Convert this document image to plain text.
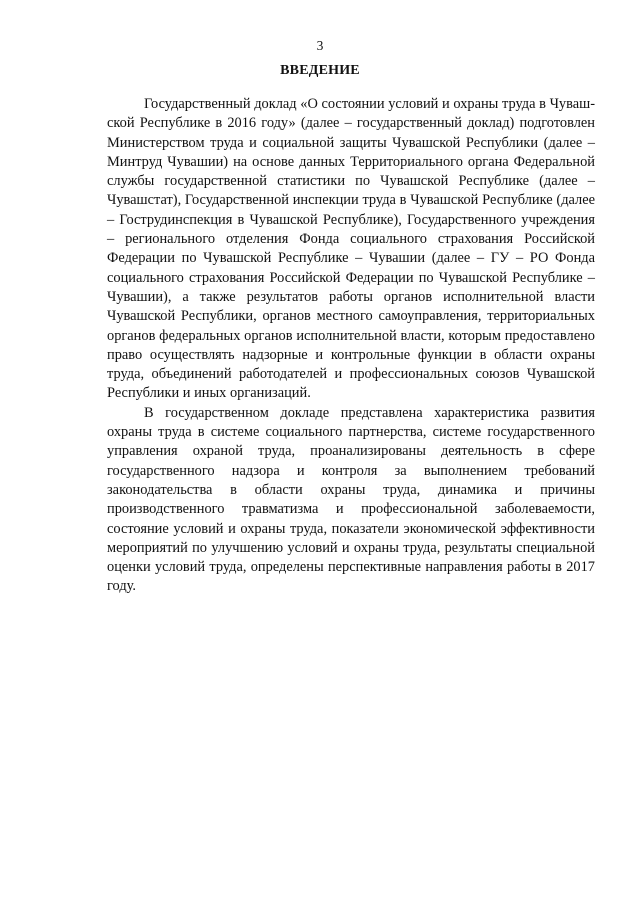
3
ВВЕДЕНИЕ

Государственный доклад «О состоянии условий и охраны труда в Чувашской Республике в 2016 году» (далее – государственный доклад) подготовлен Министерством труда и социальной защиты Чувашской Республики (далее – Минтруд Чувашии) на основе данных Территориального органа Федеральной службы государственной статистики по Чувашской Республике (далее – Чувашстат), Государственной инспекции труда в Чувашской Республике (далее – Гострудинспекция в Чувашской Республике), Государственного учреждения – регионального отделения Фонда социального страхования Российской Федерации по Чувашской Республике – Чувашии (далее – ГУ – РО Фонда социального страхования Российской Федерации по Чувашской Республике – Чувашии), а также результатов работы органов исполнительной власти Чувашской Республики, органов местного самоуправления, территориальных органов федеральных органов исполнительной власти, которым предоставлено право осуществлять надзорные и контрольные функции в области охраны труда, объединений работодателей и профессиональных союзов Чувашской Республики и иных организаций.

В государственном докладе представлена характеристика развития охраны труда в системе социального партнерства, системе государственного управления охраной труда, проанализированы деятельность в сфере государственного надзора и контроля за выполнением требований законодательства в области охраны труда, динамика и причины производственного травматизма и профессиональной заболеваемости, состояние условий и охраны труда, показатели экономической эффективности мероприятий по улучшению условий и охраны труда, результаты специальной оценки условий труда, определены перспективные направления работы в 2017 году.
